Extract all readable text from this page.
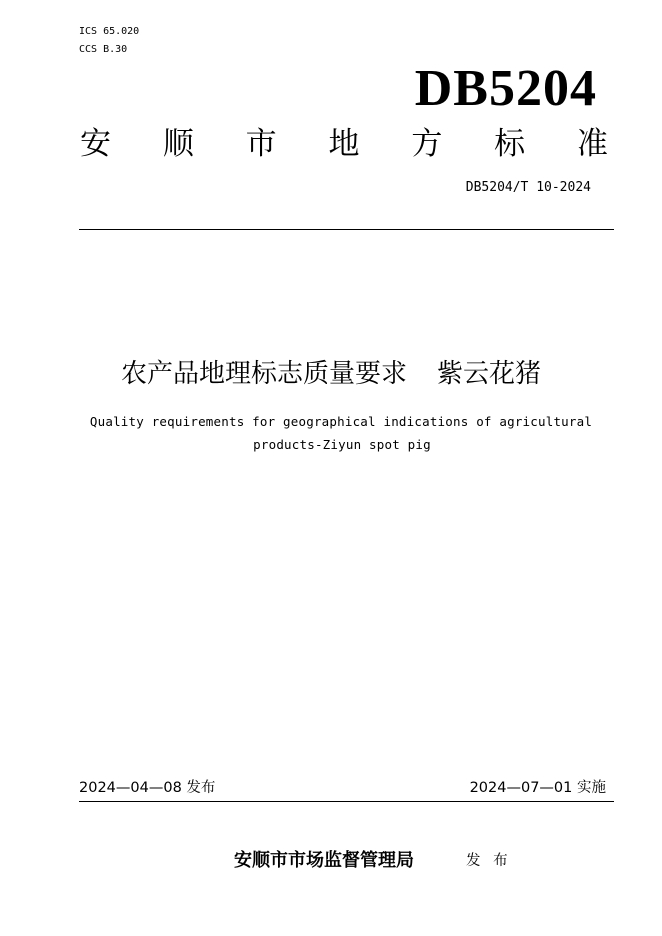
ICS 65.020

CCS B.30

DB5204

安 顺 市 地 方 标 准

DB5204/T 10-2024

农产品地理标志质量要求 紫云花猪

Quality requirements for geographical indications of agricultural

products-Ziyun spot pig

2024—04—08 发布	2024—07—01 实施

安顺市市场监督管理局	发 布
